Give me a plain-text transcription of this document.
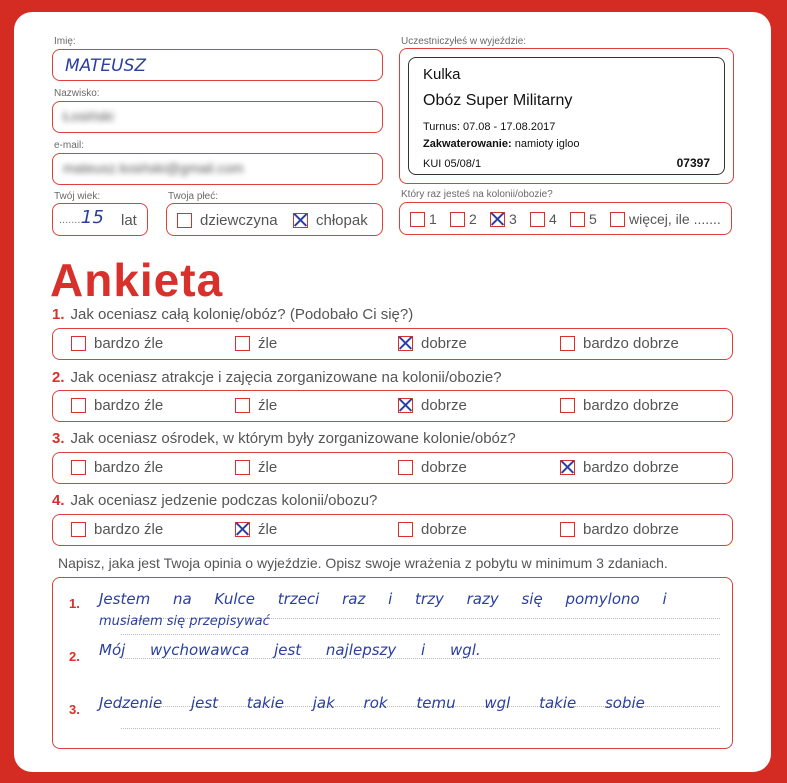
Imię:
MATEUSZ
Nazwisko:
Łosiński
e-mail:
mateusz.łosiński@gmail.com
Twój wiek:
........
15 lat
Twoja płeć:
dziewczyna	chłopak
Uczestniczyłeś w wyjeździe:
Kulka
Obóz Super Militarny
Turnus: 07.08 - 17.08.2017
Zakwaterowanie: namioty igloo
KUI 05/08/1	07397
Który raz jesteś na kolonii/obozie?
1 2 3 4 5 więcej, ile .......
Ankieta
1. Jak oceniasz całą kolonię/obóz? (Podobało Ci się?)
bardzo źle	źle	dobrze	bardzo dobrze
2. Jak oceniasz atrakcje i zajęcia zorganizowane na kolonii/obozie?
bardzo źle	źle	dobrze	bardzo dobrze
3. Jak oceniasz ośrodek, w którym były zorganizowane kolonie/obóz?
bardzo źle	źle	dobrze	bardzo dobrze
4. Jak oceniasz jedzenie podczas kolonii/obozu?
bardzo źle	źle	dobrze	bardzo dobrze
Napisz, jaka jest Twoja opinia o wyjeździe. Opisz swoje wrażenia z pobytu w minimum 3 zdaniach.
1. Jestem na Kulce trzeci raz i trzy razy się pomylono i
musiałem się przepisywać
2. Mój wychowawca jest najlepszy i wgl.
3. Jedzenie jest takie jak rok temu wgl takie sobie
